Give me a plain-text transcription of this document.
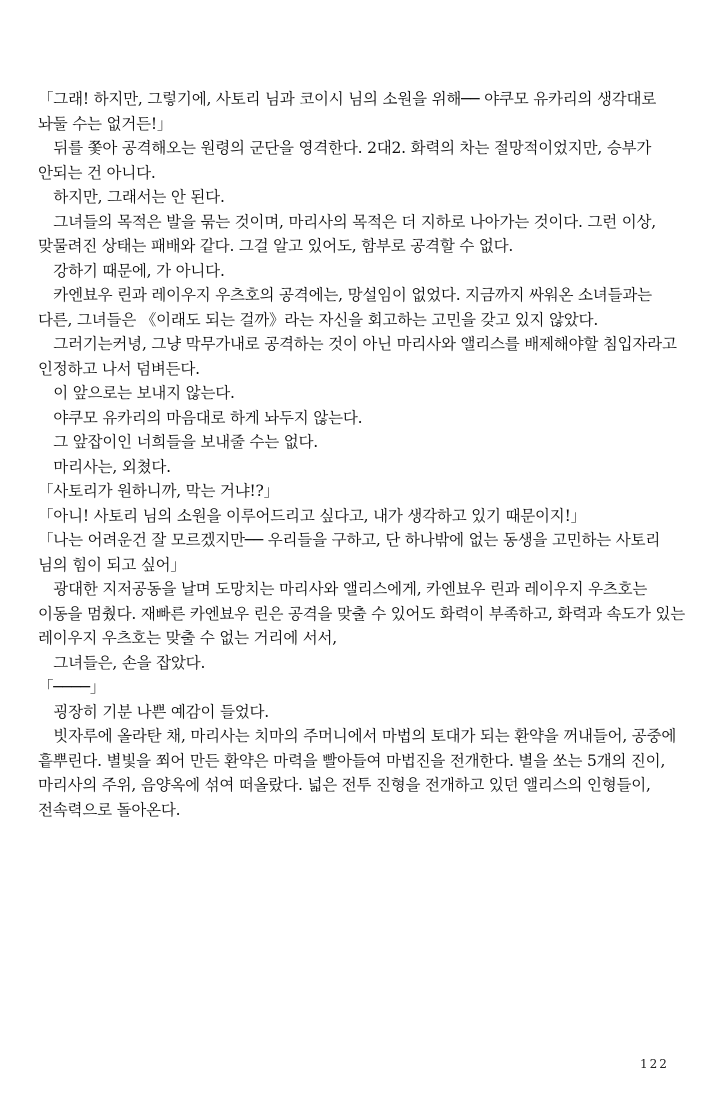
「그래! 하지만, 그렇기에, 사토리 님과 코이시 님의 소원을 위해── 야쿠모 유카리의 생각대로 놔둘 수는 없거든!」

　뒤를 쫓아 공격해오는 원령의 군단을 영격한다. 2대2. 화력의 차는 절망적이었지만, 승부가 안되는 건 아니다.

　하지만, 그래서는 안 된다.

　그녀들의 목적은 발을 묶는 것이며, 마리사의 목적은 더 지하로 나아가는 것이다. 그런 이상, 맞물려진 상태는 패배와 같다. 그걸 알고 있어도, 함부로 공격할 수 없다.

　강하기 때문에, 가 아니다.

　카엔뵤우 린과 레이우지 우츠호의 공격에는, 망설임이 없었다. 지금까지 싸워온 소녀들과는 다른, 그녀들은 《이래도 되는 걸까》라는 자신을 회고하는 고민을 갖고 있지 않았다.

　그러기는커녕, 그냥 막무가내로 공격하는 것이 아닌 마리사와 앨리스를 배제해야할 침입자라고 인정하고 나서 덤벼든다.

　이 앞으로는 보내지 않는다.

　야쿠모 유카리의 마음대로 하게 놔두지 않는다.

　그 앞잡이인 너희들을 보내줄 수는 없다.

　마리사는, 외쳤다.

「사토리가 원하니까, 막는 거냐!?」

「아니! 사토리 님의 소원을 이루어드리고 싶다고, 내가 생각하고 있기 때문이지!」

「나는 어려운건 잘 모르겠지만── 우리들을 구하고, 단 하나밖에 없는 동생을 고민하는 사토리 님의 힘이 되고 싶어」

　광대한 지저공동을 날며 도망치는 마리사와 앨리스에게, 카엔뵤우 린과 레이우지 우츠호는 이동을 멈췄다. 재빠른 카엔뵤우 린은 공격을 맞출 수 있어도 화력이 부족하고, 화력과 속도가 있는 레이우지 우츠호는 맞출 수 없는 거리에 서서,

　그녀들은, 손을 잡았다.

「────」

　굉장히 기분 나쁜 예감이 들었다.

　빗자루에 올라탄 채, 마리사는 치마의 주머니에서 마법의 토대가 되는 환약을 꺼내들어, 공중에 흩뿌린다. 별빛을 쬐어 만든 환약은 마력을 빨아들여 마법진을 전개한다. 별을 쏘는 5개의 진이, 마리사의 주위, 음양옥에 섞여 떠올랐다. 넓은 전투 진형을 전개하고 있던 앨리스의 인형들이, 전속력으로 돌아온다.

122
